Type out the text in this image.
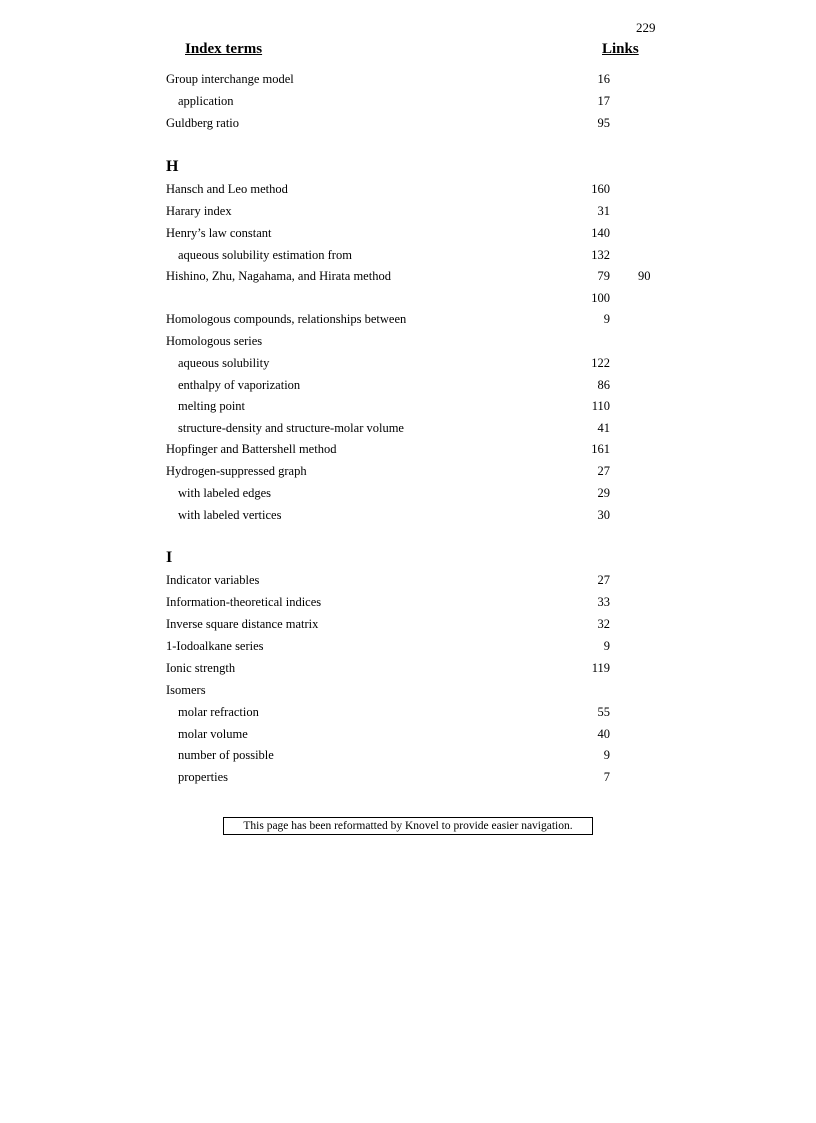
229
Index terms	Links
Group interchange model	16
application	17
Guldberg ratio	95
H
Hansch and Leo method	160
Harary index	31
Henry’s law constant	140
aqueous solubility estimation from	132
Hishino, Zhu, Nagahama, and Hirata method	79 90
100
Homologous compounds, relationships between	9
Homologous series
aqueous solubility	122
enthalpy of vaporization	86
melting point	110
structure-density and structure-molar volume	41
Hopfinger and Battershell method	161
Hydrogen-suppressed graph	27
with labeled edges	29
with labeled vertices	30
I
Indicator variables	27
Information-theoretical indices	33
Inverse square distance matrix	32
1-Iodoalkane series	9
Ionic strength	119
Isomers
molar refraction	55
molar volume	40
number of possible	9
properties	7
This page has been reformatted by Knovel to provide easier navigation.
